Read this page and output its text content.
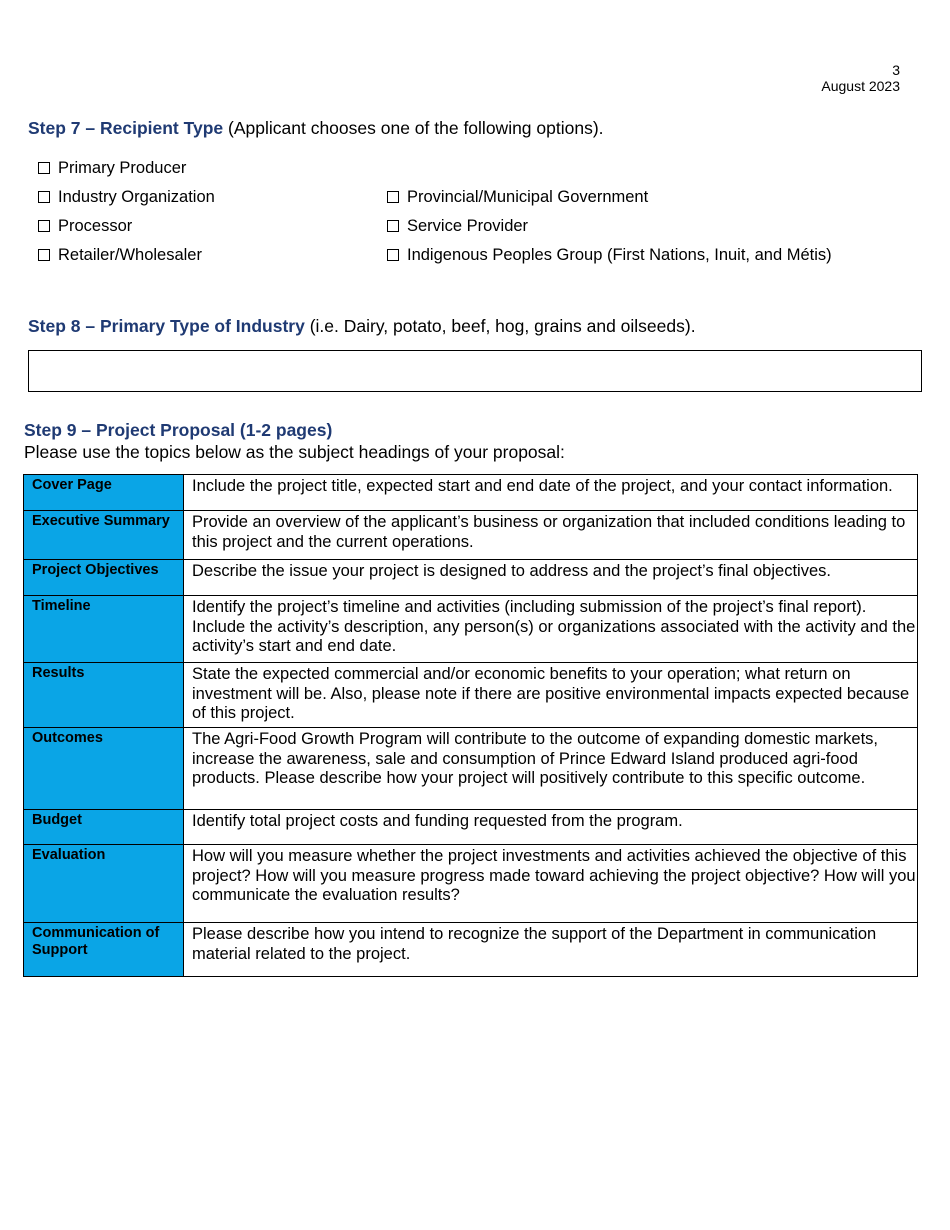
3
August 2023
Step 7 – Recipient Type (Applicant chooses one of the following options).
Primary Producer
Industry Organization
Processor
Retailer/Wholesaler
Provincial/Municipal Government
Service Provider
Indigenous Peoples Group (First Nations, Inuit, and Métis)
Step 8 – Primary Type of Industry (i.e. Dairy, potato, beef, hog, grains and oilseeds).
Step 9 – Project Proposal (1-2 pages)
Please use the topics below as the subject headings of your proposal:
Cover Page	Include the project title, expected start and end date of the project, and your contact information.
Executive Summary	Provide an overview of the applicant’s business or organization that included conditions leading to this project and the current operations.
Project Objectives	Describe the issue your project is designed to address and the project’s final objectives.
Timeline	Identify the project’s timeline and activities (including submission of the project’s final report). Include the activity’s description, any person(s) or organizations associated with the activity and the activity’s start and end date.
Results	State the expected commercial and/or economic benefits to your operation; what return on investment will be. Also, please note if there are positive environmental impacts expected because of this project.
Outcomes	The Agri-Food Growth Program will contribute to the outcome of expanding domestic markets, increase the awareness, sale and consumption of Prince Edward Island produced agri-food products. Please describe how your project will positively contribute to this specific outcome.
Budget	Identify total project costs and funding requested from the program.
Evaluation	How will you measure whether the project investments and activities achieved the objective of this project? How will you measure progress made toward achieving the project objective? How will you communicate the evaluation results?
Communication of Support	Please describe how you intend to recognize the support of the Department in communication material related to the project.
